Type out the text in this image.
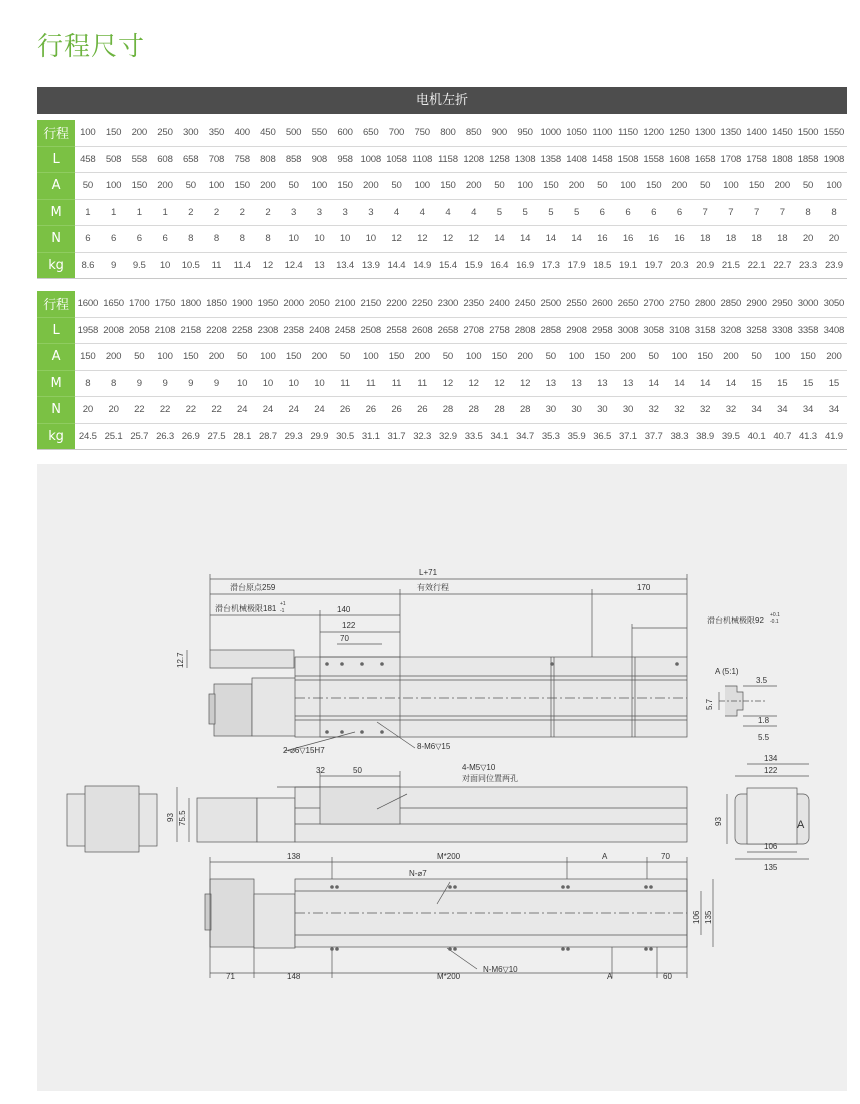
行程尺寸
电机左折
行程	100	150	200	250	300	350	400	450	500	550	600	650	700	750	800	850	900	950	1000	1050	1100	1150	1200	1250	1300	1350	1400	1450	1500	1550
L	458	508	558	608	658	708	758	808	858	908	958	1008	1058	1108	1158	1208	1258	1308	1358	1408	1458	1508	1558	1608	1658	1708	1758	1808	1858	1908
A	50	100	150	200	50	100	150	200	50	100	150	200	50	100	150	200	50	100	150	200	50	100	150	200	50	100	150	200	50	100
M	1	1	1	1	2	2	2	2	3	3	3	3	4	4	4	4	5	5	5	5	6	6	6	6	7	7	7	7	8	8
N	6	6	6	6	8	8	8	8	10	10	10	10	12	12	12	12	14	14	14	14	16	16	16	16	18	18	18	18	20	20
kg	8.6	9	9.5	10	10.5	11	11.4	12	12.4	13	13.4	13.9	14.4	14.9	15.4	15.9	16.4	16.9	17.3	17.9	18.5	19.1	19.7	20.3	20.9	21.5	22.1	22.7	23.3	23.9
行程	1600	1650	1700	1750	1800	1850	1900	1950	2000	2050	2100	2150	2200	2250	2300	2350	2400	2450	2500	2550	2600	2650	2700	2750	2800	2850	2900	2950	3000	3050
L	1958	2008	2058	2108	2158	2208	2258	2308	2358	2408	2458	2508	2558	2608	2658	2708	2758	2808	2858	2908	2958	3008	3058	3108	3158	3208	3258	3308	3358	3408
A	150	200	50	100	150	200	50	100	150	200	50	100	150	200	50	100	150	200	50	100	150	200	50	100	150	200	50	100	150	200
M	8	8	9	9	9	9	10	10	10	10	11	11	11	11	12	12	12	12	13	13	13	13	14	14	14	14	15	15	15	15
N	20	20	22	22	22	22	24	24	24	24	26	26	26	26	28	28	28	28	30	30	30	30	32	32	32	32	34	34	34	34
kg	24.5	25.1	25.7	26.3	26.9	27.5	28.1	28.7	29.3	29.9	30.5	31.1	31.7	32.3	32.9	33.5	34.1	34.7	35.3	35.9	36.5	37.1	37.7	38.3	38.9	39.5	40.1	40.7	41.3	41.9
L+71
滑台原点259	有效行程	170
滑台机械极限181 +1
-1
滑台机械极限92
+0.1
-0.1
140
122
70
12.7
2-⌀6▽15H7	8-M6▽15
A (5:1)
3.5
5.7
1.8
5.5
32	50	4-M5▽10
对面同位置两孔
93 75.5	93
134
122
106
135
A
138	M*200	A	70
N-⌀7
106 135
71	148	M*200
N-M6▽10
A	60
